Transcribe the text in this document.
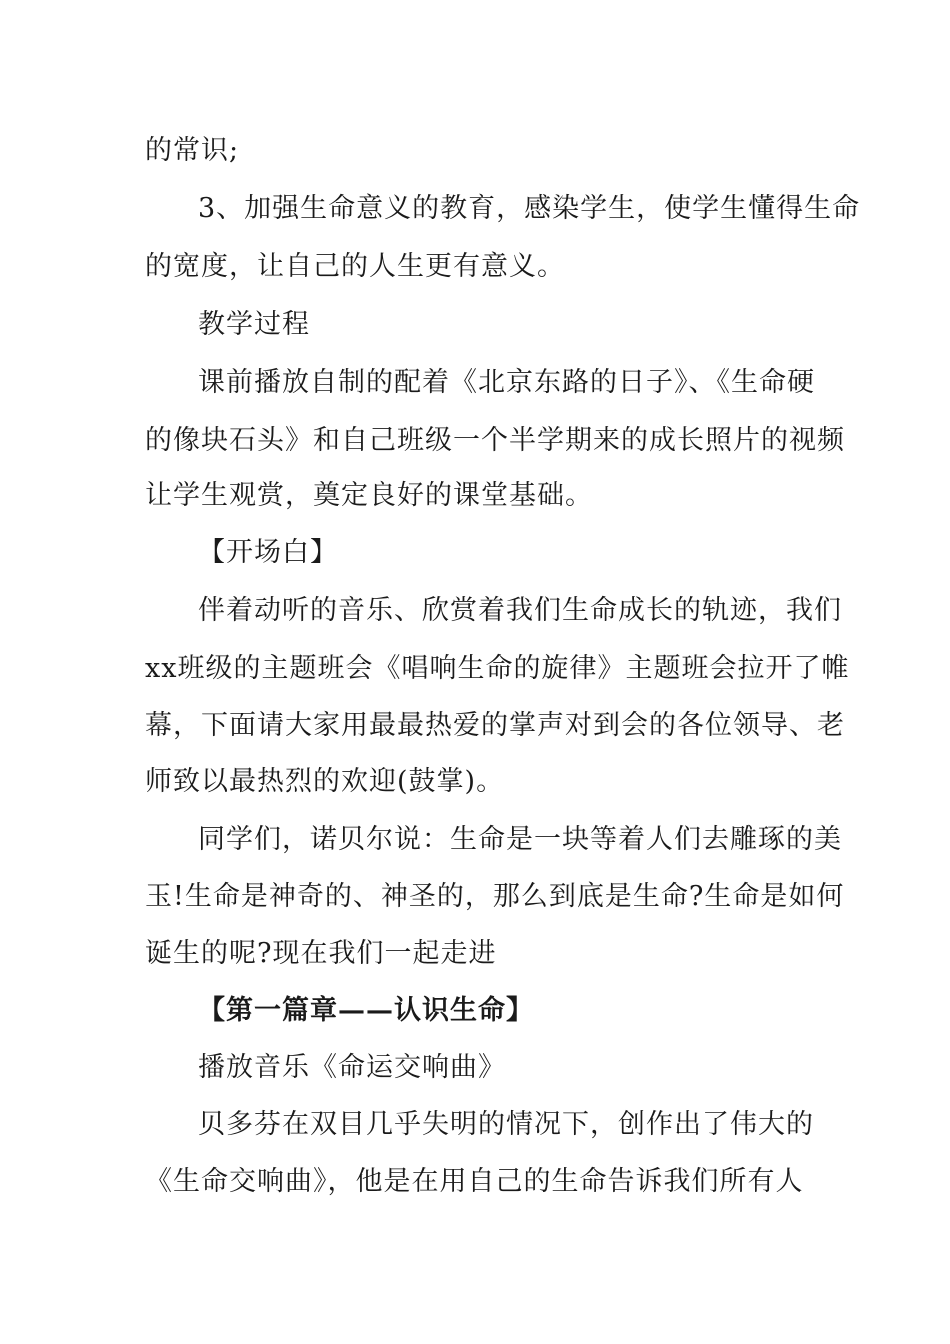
的常识;
3、加强生命意义的教育，感染学生，使学生懂得生命
的宽度，让自己的人生更有意义。
教学过程
课前播放自制的配着《北京东路的日子》、《生命硬
的像块石头》和自己班级一个半学期来的成长照片的视频
让学生观赏，奠定良好的课堂基础。
【开场白】
伴着动听的音乐、欣赏着我们生命成长的轨迹，我们
xx班级的主题班会《唱响生命的旋律》主题班会拉开了帷
幕，下面请大家用最最热爱的掌声对到会的各位领导、老
师致以最热烈的欢迎(鼓掌)。
同学们，诺贝尔说：生命是一块等着人们去雕琢的美
玉!生命是神奇的、神圣的，那么到底是生命?生命是如何
诞生的呢?现在我们一起走进
【第一篇章——认识生命】
播放音乐《命运交响曲》
贝多芬在双目几乎失明的情况下，创作出了伟大的
《生命交响曲》，他是在用自己的生命告诉我们所有人
